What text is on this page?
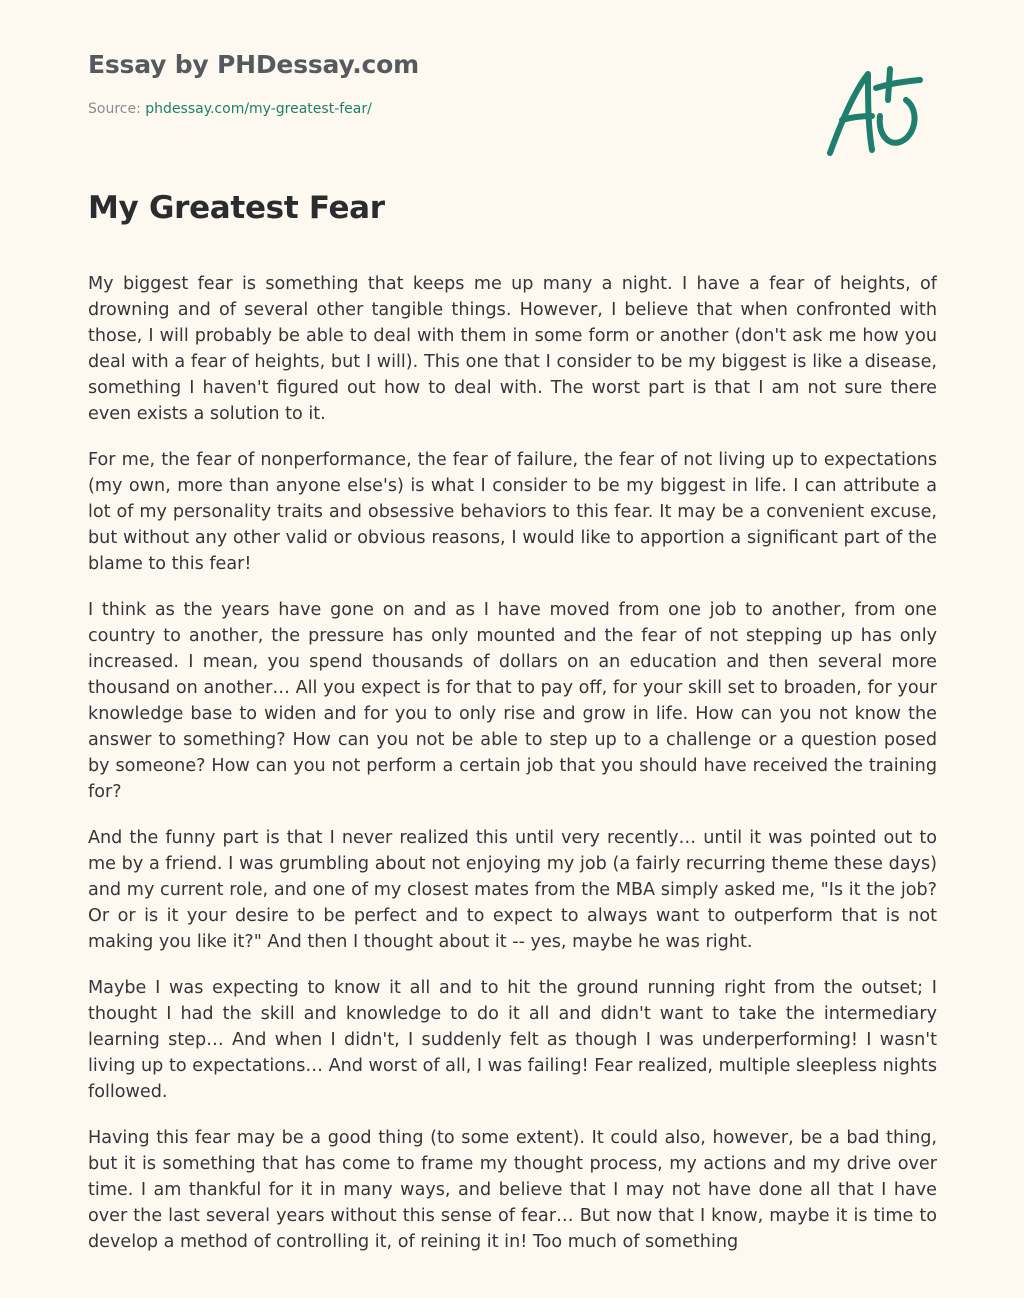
Essay by PHDessay.com
Source: phdessay.com/my-greatest-fear/
My Greatest Fear

My biggest fear is something that keeps me up many a night. I have a fear of heights, of drowning and of several other tangible things. However, I believe that when confronted with those, I will probably be able to deal with them in some form or another (don't ask me how you deal with a fear of heights, but I will). This one that I consider to be my biggest is like a disease, something I haven't figured out how to deal with. The worst part is that I am not sure there even exists a solution to it.

For me, the fear of nonperformance, the fear of failure, the fear of not living up to expectations (my own, more than anyone else's) is what I consider to be my biggest in life. I can attribute a lot of my personality traits and obsessive behaviors to this fear. It may be a convenient excuse, but without any other valid or obvious reasons, I would like to apportion a significant part of the blame to this fear!

I think as the years have gone on and as I have moved from one job to another, from one country to another, the pressure has only mounted and the fear of not stepping up has only increased. I mean, you spend thousands of dollars on an education and then several more thousand on another… All you expect is for that to pay off, for your skill set to broaden, for your knowledge base to widen and for you to only rise and grow in life. How can you not know the answer to something? How can you not be able to step up to a challenge or a question posed by someone? How can you not perform a certain job that you should have received the training for?

And the funny part is that I never realized this until very recently… until it was pointed out to me by a friend. I was grumbling about not enjoying my job (a fairly recurring theme these days) and my current role, and one of my closest mates from the MBA simply asked me, "Is it the job? Or or is it your desire to be perfect and to expect to always want to outperform that is not making you like it?" And then I thought about it -- yes, maybe he was right.

Maybe I was expecting to know it all and to hit the ground running right from the outset; I thought I had the skill and knowledge to do it all and didn't want to take the intermediary learning step… And when I didn't, I suddenly felt as though I was underperforming! I wasn't living up to expectations… And worst of all, I was failing! Fear realized, multiple sleepless nights followed.

Having this fear may be a good thing (to some extent). It could also, however, be a bad thing, but it is something that has come to frame my thought process, my actions and my drive over time. I am thankful for it in many ways, and believe that I may not have done all that I have over the last several years without this sense of fear… But now that I know, maybe it is time to develop a method of controlling it, of reining it in! Too much of something
